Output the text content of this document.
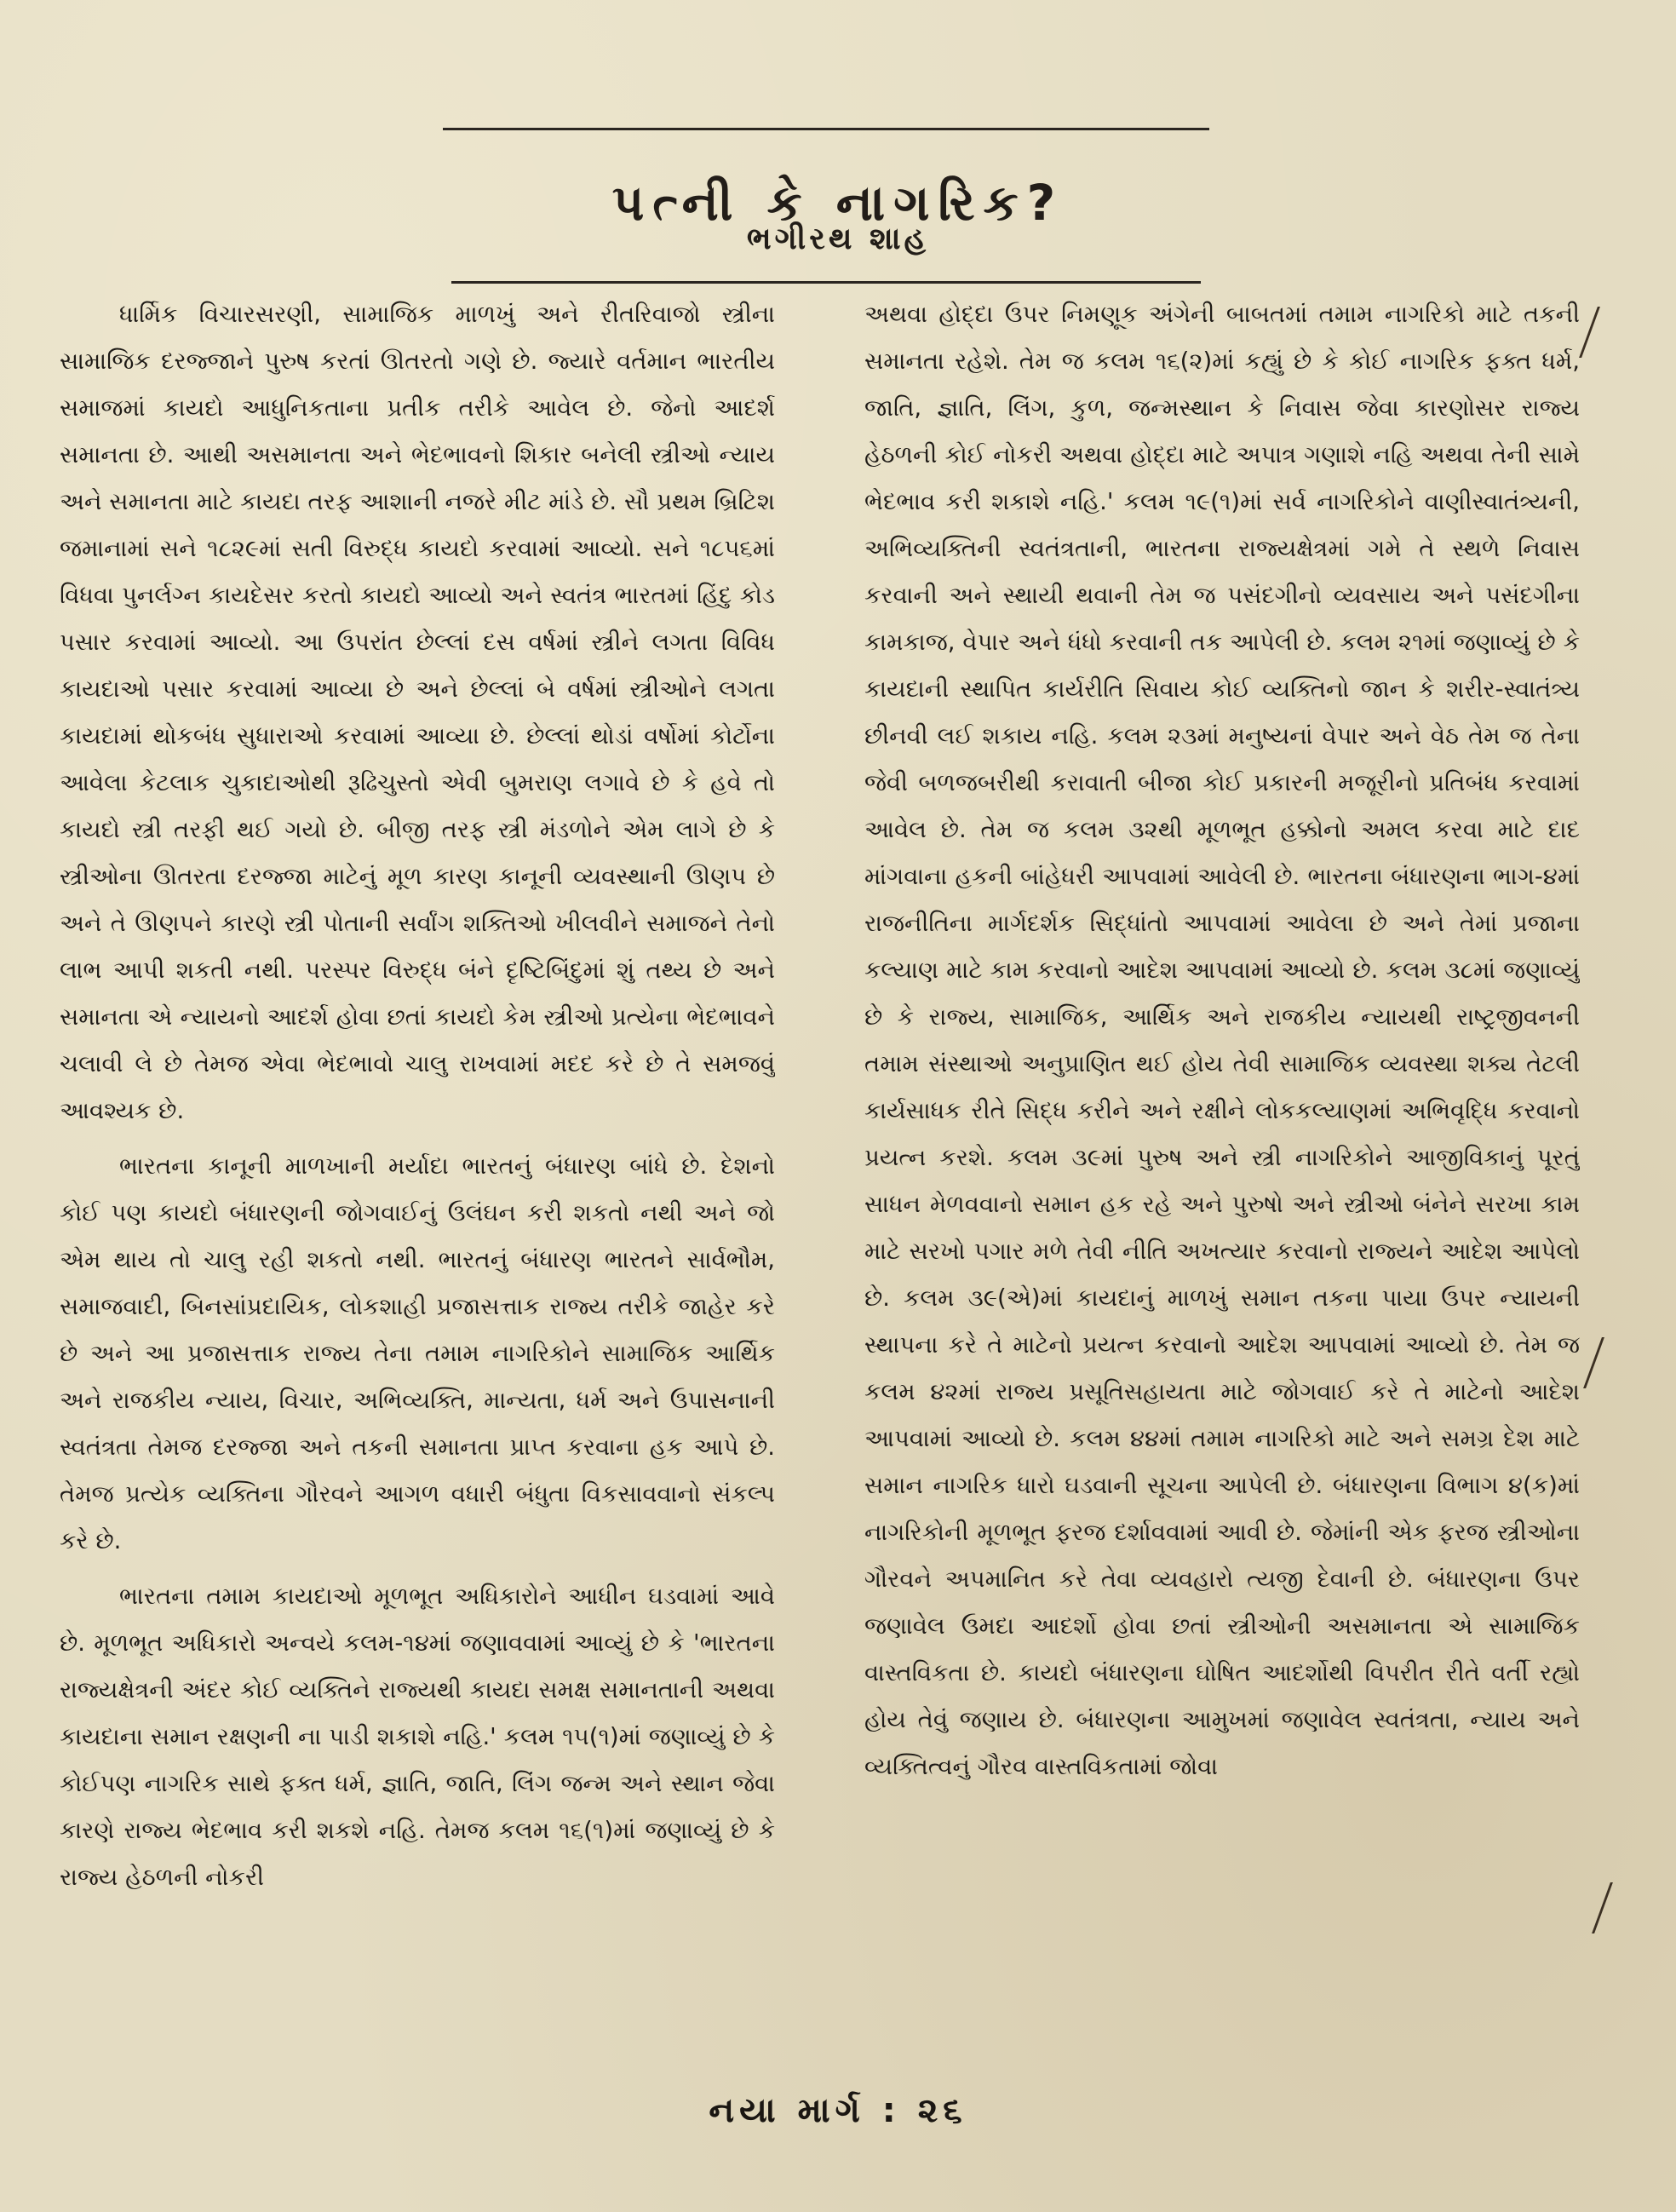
પત્ની કે નાગરિક?
ભગીરથ શાહ

ધાર્મિક વિચારસરણી, સામાજિક માળખું અને રીતરિવાજો સ્ત્રીના સામાજિક દરજ્જાને પુરુષ કરતાં ઊતરતો ગણે છે. જ્યારે વર્તમાન ભારતીય સમાજમાં કાયદો આધુનિકતાના પ્રતીક તરીકે આવેલ છે. જેનો આદર્શ સમાનતા છે. આથી અસમાનતા અને ભેદભાવનો શિકાર બનેલી સ્ત્રીઓ ન્યાય અને સમાનતા માટે કાયદા તરફ આશાની નજરે મીટ માંડે છે. સૌ પ્રથમ બ્રિટિશ જમાનામાં સને ૧૮૨૯માં સતી વિરુદ્ધ કાયદો કરવામાં આવ્યો. સને ૧૮૫૬માં વિધવા પુનર્લગ્ન કાયદેસર કરતો કાયદો આવ્યો અને સ્વતંત્ર ભારતમાં હિંદુ કોડ પસાર કરવામાં આવ્યો. આ ઉપરાંત છેલ્લાં દસ વર્ષમાં સ્ત્રીને લગતા વિવિધ કાયદાઓ પસાર કરવામાં આવ્યા છે અને છેલ્લાં બે વર્ષમાં સ્ત્રીઓને લગતા કાયદામાં થોકબંધ સુધારાઓ કરવામાં આવ્યા છે. છેલ્લાં થોડાં વર્ષોમાં કોર્ટોના આવેલા કેટલાક ચુકાદાઓથી રૂઢિચુસ્તો એવી બુમરાણ લગાવે છે કે હવે તો કાયદો સ્ત્રી તરફી થઈ ગયો છે. બીજી તરફ સ્ત્રી મંડળોને એમ લાગે છે કે સ્ત્રીઓના ઊતરતા દરજ્જા માટેનું મૂળ કારણ કાનૂની વ્યવસ્થાની ઊણપ છે અને તે ઊણપને કારણે સ્ત્રી પોતાની સર્વાંગ શક્તિઓ ખીલવીને સમાજને તેનો લાભ આપી શકતી નથી. પરસ્પર વિરુદ્ધ બંને દૃષ્ટિબિંદુમાં શું તથ્ય છે અને સમાનતા એ ન્યાયનો આદર્શ હોવા છતાં કાયદો કેમ સ્ત્રીઓ પ્રત્યેના ભેદભાવને ચલાવી લે છે તેમજ એવા ભેદભાવો ચાલુ રાખવામાં મદદ કરે છે તે સમજવું આવશ્યક છે.

ભારતના કાનૂની માળખાની મર્યાદા ભારતનું બંધારણ બાંધે છે. દેશનો કોઈ પણ કાયદો બંધારણની જોગવાઈનું ઉલંઘન કરી શકતો નથી અને જો એમ થાય તો ચાલુ રહી શકતો નથી. ભારતનું બંધારણ ભારતને સાર્વભૌમ, સમાજવાદી, બિનસાંપ્રદાયિક, લોકશાહી પ્રજાસત્તાક રાજ્ય તરીકે જાહેર કરે છે અને આ પ્રજાસત્તાક રાજ્ય તેના તમામ નાગરિકોને સામાજિક આર્થિક અને રાજકીય ન્યાય, વિચાર, અભિવ્યક્તિ, માન્યતા, ધર્મ અને ઉપાસનાની સ્વતંત્રતા તેમજ દરજ્જા અને તકની સમાનતા પ્રાપ્ત કરવાના હક આપે છે. તેમજ પ્રત્યેક વ્યક્તિના ગૌરવને આગળ વધારી બંધુતા વિકસાવવાનો સંકલ્પ કરે છે.

ભારતના તમામ કાયદાઓ મૂળભૂત અધિકારોને આધીન ઘડવામાં આવે છે. મૂળભૂત અધિકારો અન્વયે કલમ-૧૪માં જણાવવામાં આવ્યું છે કે 'ભારતના રાજ્યક્ષેત્રની અંદર કોઈ વ્યક્તિને રાજ્યથી કાયદા સમક્ષ સમાનતાની અથવા કાયદાના સમાન રક્ષણની ના પાડી શકાશે નહિ.' કલમ ૧૫(૧)માં જણાવ્યું છે કે કોઈપણ નાગરિક સાથે ફક્ત ધર્મ, જ્ઞાતિ, જાતિ, લિંગ જન્મ અને સ્થાન જેવા કારણે રાજ્ય ભેદભાવ કરી શકશે નહિ. તેમજ કલમ ૧૬(૧)માં જણાવ્યું છે કે રાજ્ય હેઠળની નોકરી

અથવા હોદ્દા ઉપર નિમણૂક અંગેની બાબતમાં તમામ નાગરિકો માટે તકની સમાનતા રહેશે. તેમ જ કલમ ૧૬(૨)માં કહ્યું છે કે કોઈ નાગરિક ફક્ત ધર્મ, જાતિ, જ્ઞાતિ, લિંગ, કુળ, જન્મસ્થાન કે નિવાસ જેવા કારણોસર રાજ્ય હેઠળની કોઈ નોકરી અથવા હોદ્દા માટે અપાત્ર ગણાશે નહિ અથવા તેની સામે ભેદભાવ કરી શકાશે નહિ.' કલમ ૧૯(૧)માં સર્વ નાગરિકોને વાણીસ્વાતંત્ર્યની, અભિવ્યક્તિની સ્વતંત્રતાની, ભારતના રાજ્યક્ષેત્રમાં ગમે તે સ્થળે નિવાસ કરવાની અને સ્થાયી થવાની તેમ જ પસંદગીનો વ્યવસાય અને પસંદગીના કામકાજ, વેપાર અને ધંધો કરવાની તક આપેલી છે. કલમ ૨૧માં જણાવ્યું છે કે કાયદાની સ્થાપિત કાર્યરીતિ સિવાય કોઈ વ્યક્તિનો જાન કે શરીર-સ્વાતંત્ર્ય છીનવી લઈ શકાય નહિ. કલમ ૨૩માં મનુષ્યનાં વેપાર અને વેઠ તેમ જ તેના જેવી બળજબરીથી કરાવાતી બીજા કોઈ પ્રકારની મજૂરીનો પ્રતિબંધ કરવામાં આવેલ છે. તેમ જ કલમ ૩૨થી મૂળભૂત હક્કોનો અમલ કરવા માટે દાદ માંગવાના હકની બાંહેધરી આપવામાં આવેલી છે. ભારતના બંધારણના ભાગ-૪માં રાજનીતિના માર્ગદર્શક સિદ્ધાંતો આપવામાં આવેલા છે અને તેમાં પ્રજાના કલ્યાણ માટે કામ કરવાનો આદેશ આપવામાં આવ્યો છે. કલમ ૩૮માં જણાવ્યું છે કે રાજ્ય, સામાજિક, આર્થિક અને રાજકીય ન્યાયથી રાષ્ટ્રજીવનની તમામ સંસ્થાઓ અનુપ્રાણિત થઈ હોય તેવી સામાજિક વ્યવસ્થા શક્ય તેટલી કાર્યસાધક રીતે સિદ્ધ કરીને અને રક્ષીને લોકકલ્યાણમાં અભિવૃદ્ધિ કરવાનો પ્રયત્ન કરશે. કલમ ૩૯માં પુરુષ અને સ્ત્રી નાગરિકોને આજીવિકાનું પૂરતું સાધન મેળવવાનો સમાન હક રહે અને પુરુષો અને સ્ત્રીઓ બંનેને સરખા કામ માટે સરખો પગાર મળે તેવી નીતિ અખત્યાર કરવાનો રાજ્યને આદેશ આપેલો છે. કલમ ૩૯(એ)માં કાયદાનું માળખું સમાન તકના પાયા ઉપર ન્યાયની સ્થાપના કરે તે માટેનો પ્રયત્ન કરવાનો આદેશ આપવામાં આવ્યો છે. તેમ જ કલમ ૪૨માં રાજ્ય પ્રસૂતિસહાયતા માટે જોગવાઈ કરે તે માટેનો આદેશ આપવામાં આવ્યો છે. કલમ ૪૪માં તમામ નાગરિકો માટે અને સમગ્ર દેશ માટે સમાન નાગરિક ધારો ઘડવાની સૂચના આપેલી છે. બંધારણના વિભાગ ૪(ક)માં નાગરિકોની મૂળભૂત ફરજ દર્શાવવામાં આવી છે. જેમાંની એક ફરજ સ્ત્રીઓના ગૌરવને અપમાનિત કરે તેવા વ્યવહારો ત્યજી દેવાની છે. બંધારણના ઉપર જણાવેલ ઉમદા આદર્શો હોવા છતાં સ્ત્રીઓની અસમાનતા એ સામાજિક વાસ્તવિકતા છે. કાયદો બંધારણના ઘોષિત આદર્શોથી વિપરીત રીતે વર્તી રહ્યો હોય તેવું જણાય છે. બંધારણના આમુખમાં જણાવેલ સ્વતંત્રતા, ન્યાય અને વ્યક્તિત્વનું ગૌરવ વાસ્તવિકતામાં જોવા

નયા માર્ગ : ૨૬
